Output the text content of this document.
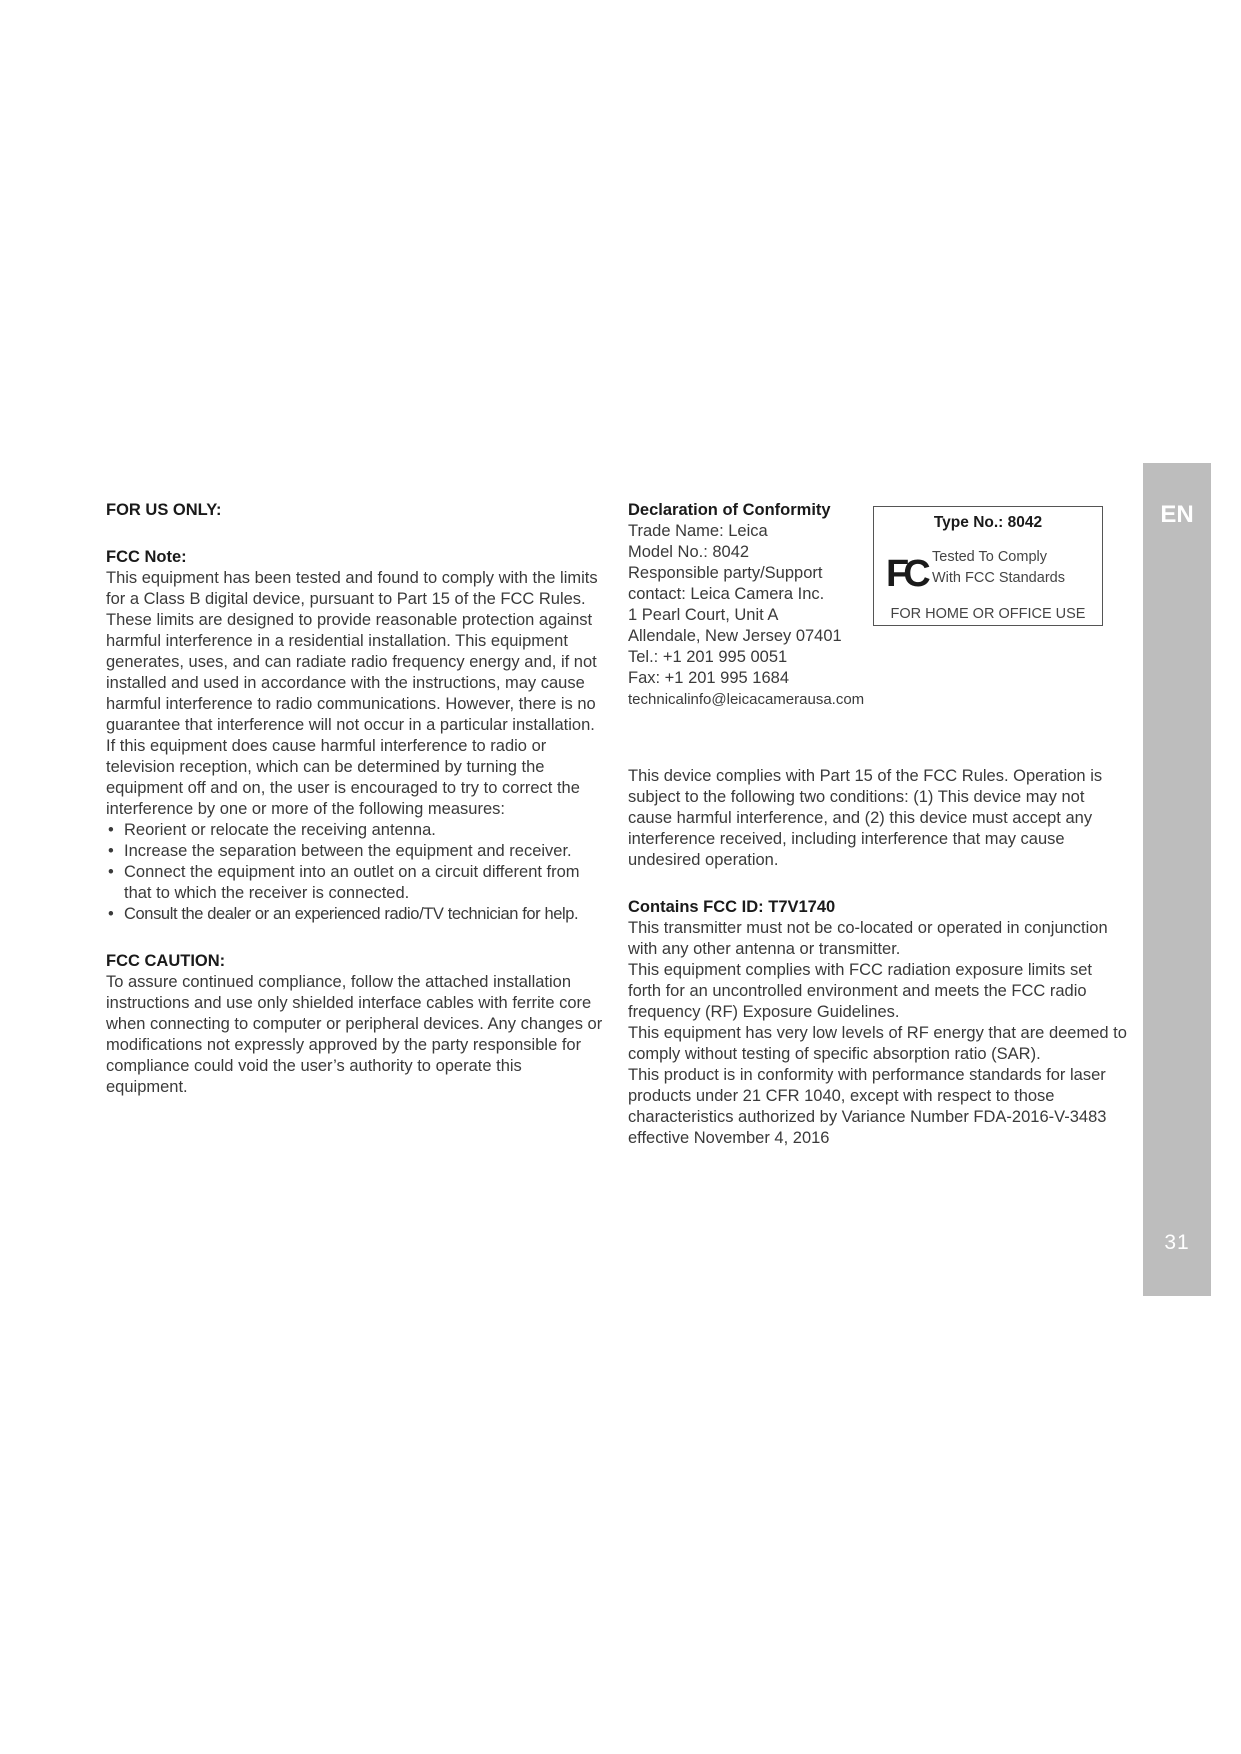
FOR US ONLY:

FCC Note:

This equipment has been tested and found to comply with the limits for a Class B digital device, pursuant to Part 15 of the FCC Rules. These limits are designed to provide reasonable protection against harmful interference in a residential installation. This equipment generates, uses, and can radiate radio frequency energy and, if not installed and used in accordance with the instructions, may cause harmful interference to radio communications. However, there is no guarantee that interference will not occur in a particular installation. If this equipment does cause harmful interference to radio or television reception, which can be determined by turning the equipment off and on, the user is encouraged to try to correct the interference by one or more of the following measures:

• Reorient or relocate the receiving antenna.
• Increase the separation between the equipment and receiver.
• Connect the equipment into an outlet on a circuit different from that to which the receiver is connected.
• Consult the dealer or an experienced radio/TV technician for help.

FCC CAUTION:

To assure continued compliance, follow the attached installation instructions and use only shielded interface cables with ferrite core when connecting to computer or peripheral devices. Any changes or modifications not expressly approved by the party responsible for compliance could void the user’s authority to operate this equipment.

Declaration of Conformity

Trade Name: Leica

Model No.: 8042

Responsible party/Support

contact: Leica Camera Inc.

1 Pearl Court, Unit A

Allendale, New Jersey 07401

Tel.: +1 201 995 0051

Fax: +1 201 995 1684

technicalinfo@leicacamerausa.com

This device complies with Part 15 of the FCC Rules. Operation is subject to the following two conditions: (1) This device may not cause harmful interference, and (2) this device must accept any interference received, including interference that may cause undesired operation.

Contains FCC ID: T7V1740

This transmitter must not be co-located or operated in conjunction with any other antenna or transmitter.

This equipment complies with FCC radiation exposure limits set forth for an uncontrolled environment and meets the FCC radio frequency (RF) Exposure Guidelines.

This equipment has very low levels of RF energy that are deemed to comply without testing of specific absorption ratio (SAR).

This product is in conformity with performance standards for laser products under 21 CFR 1040, except with respect to those characteristics authorized by Variance Number FDA-2016-V-3483 effective November 4, 2016

Type No.: 8042
FC Tested To Comply
With FCC Standards
FOR HOME OR OFFICE USE
EN
31
